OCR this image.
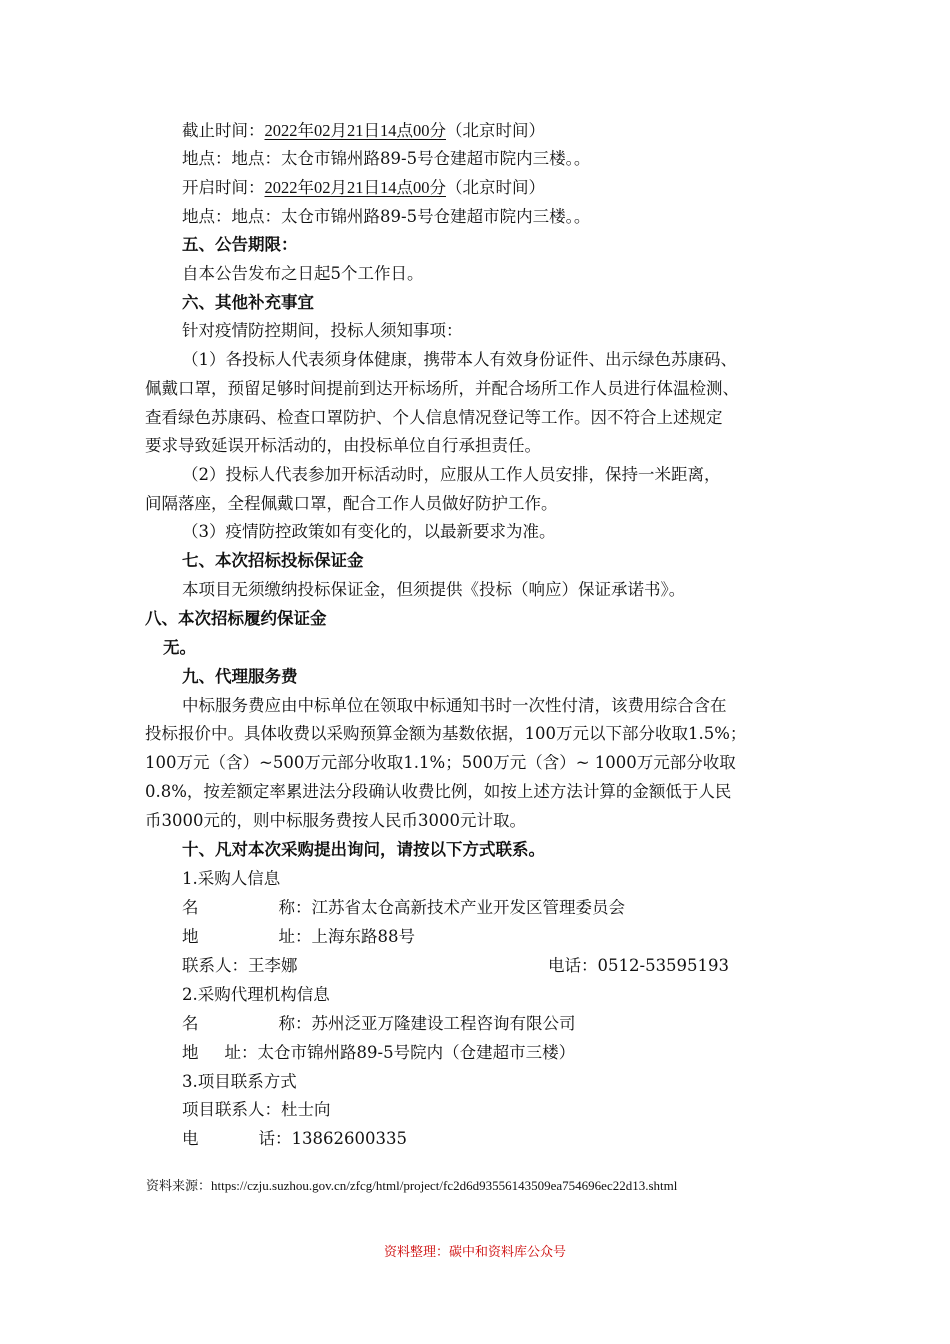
截止时间：2022年02月21日14点00分（北京时间）
地点：地点：太仓市锦州路89-5号仓建超市院内三楼。。
开启时间：2022年02月21日14点00分（北京时间）
地点：地点：太仓市锦州路89-5号仓建超市院内三楼。。
五、公告期限：
自本公告发布之日起5个工作日。
六、其他补充事宜
针对疫情防控期间，投标人须知事项：
（1）各投标人代表须身体健康，携带本人有效身份证件、出示绿色苏康码、
佩戴口罩，预留足够时间提前到达开标场所，并配合场所工作人员进行体温检测、
查看绿色苏康码、检查口罩防护、个人信息情况登记等工作。因不符合上述规定
要求导致延误开标活动的，由投标单位自行承担责任。
（2）投标人代表参加开标活动时，应服从工作人员安排，保持一米距离，
间隔落座，全程佩戴口罩，配合工作人员做好防护工作。
（3）疫情防控政策如有变化的，以最新要求为准。
七、本次招标投标保证金
本项目无须缴纳投标保证金，但须提供《投标（响应）保证承诺书》。
八、本次招标履约保证金
无。
九、代理服务费
中标服务费应由中标单位在领取中标通知书时一次性付清，该费用综合含在
投标报价中。具体收费以采购预算金额为基数依据，100万元以下部分收取1.5%；
100万元（含）~500万元部分收取1.1%；500万元（含）~ 1000万元部分收取
0.8%，按差额定率累进法分段确认收费比例，如按上述方法计算的金额低于人民
币3000元的，则中标服务费按人民币3000元计取。
十、凡对本次采购提出询问，请按以下方式联系。
1.采购人信息
名	称：江苏省太仓高新技术产业开发区管理委员会
地	址：上海东路88号
联系人：王李娜	电话：0512-53595193
2.采购代理机构信息
名	称：苏州泛亚万隆建设工程咨询有限公司
地 址：太仓市锦州路89-5号院内（仓建超市三楼）
3.项目联系方式
项目联系人：杜士向
电	话：13862600335
资料来源：https://czju.suzhou.gov.cn/zfcg/html/project/fc2d6d93556143509ea754696ec22d13.shtml
资料整理：碳中和资料库公众号
